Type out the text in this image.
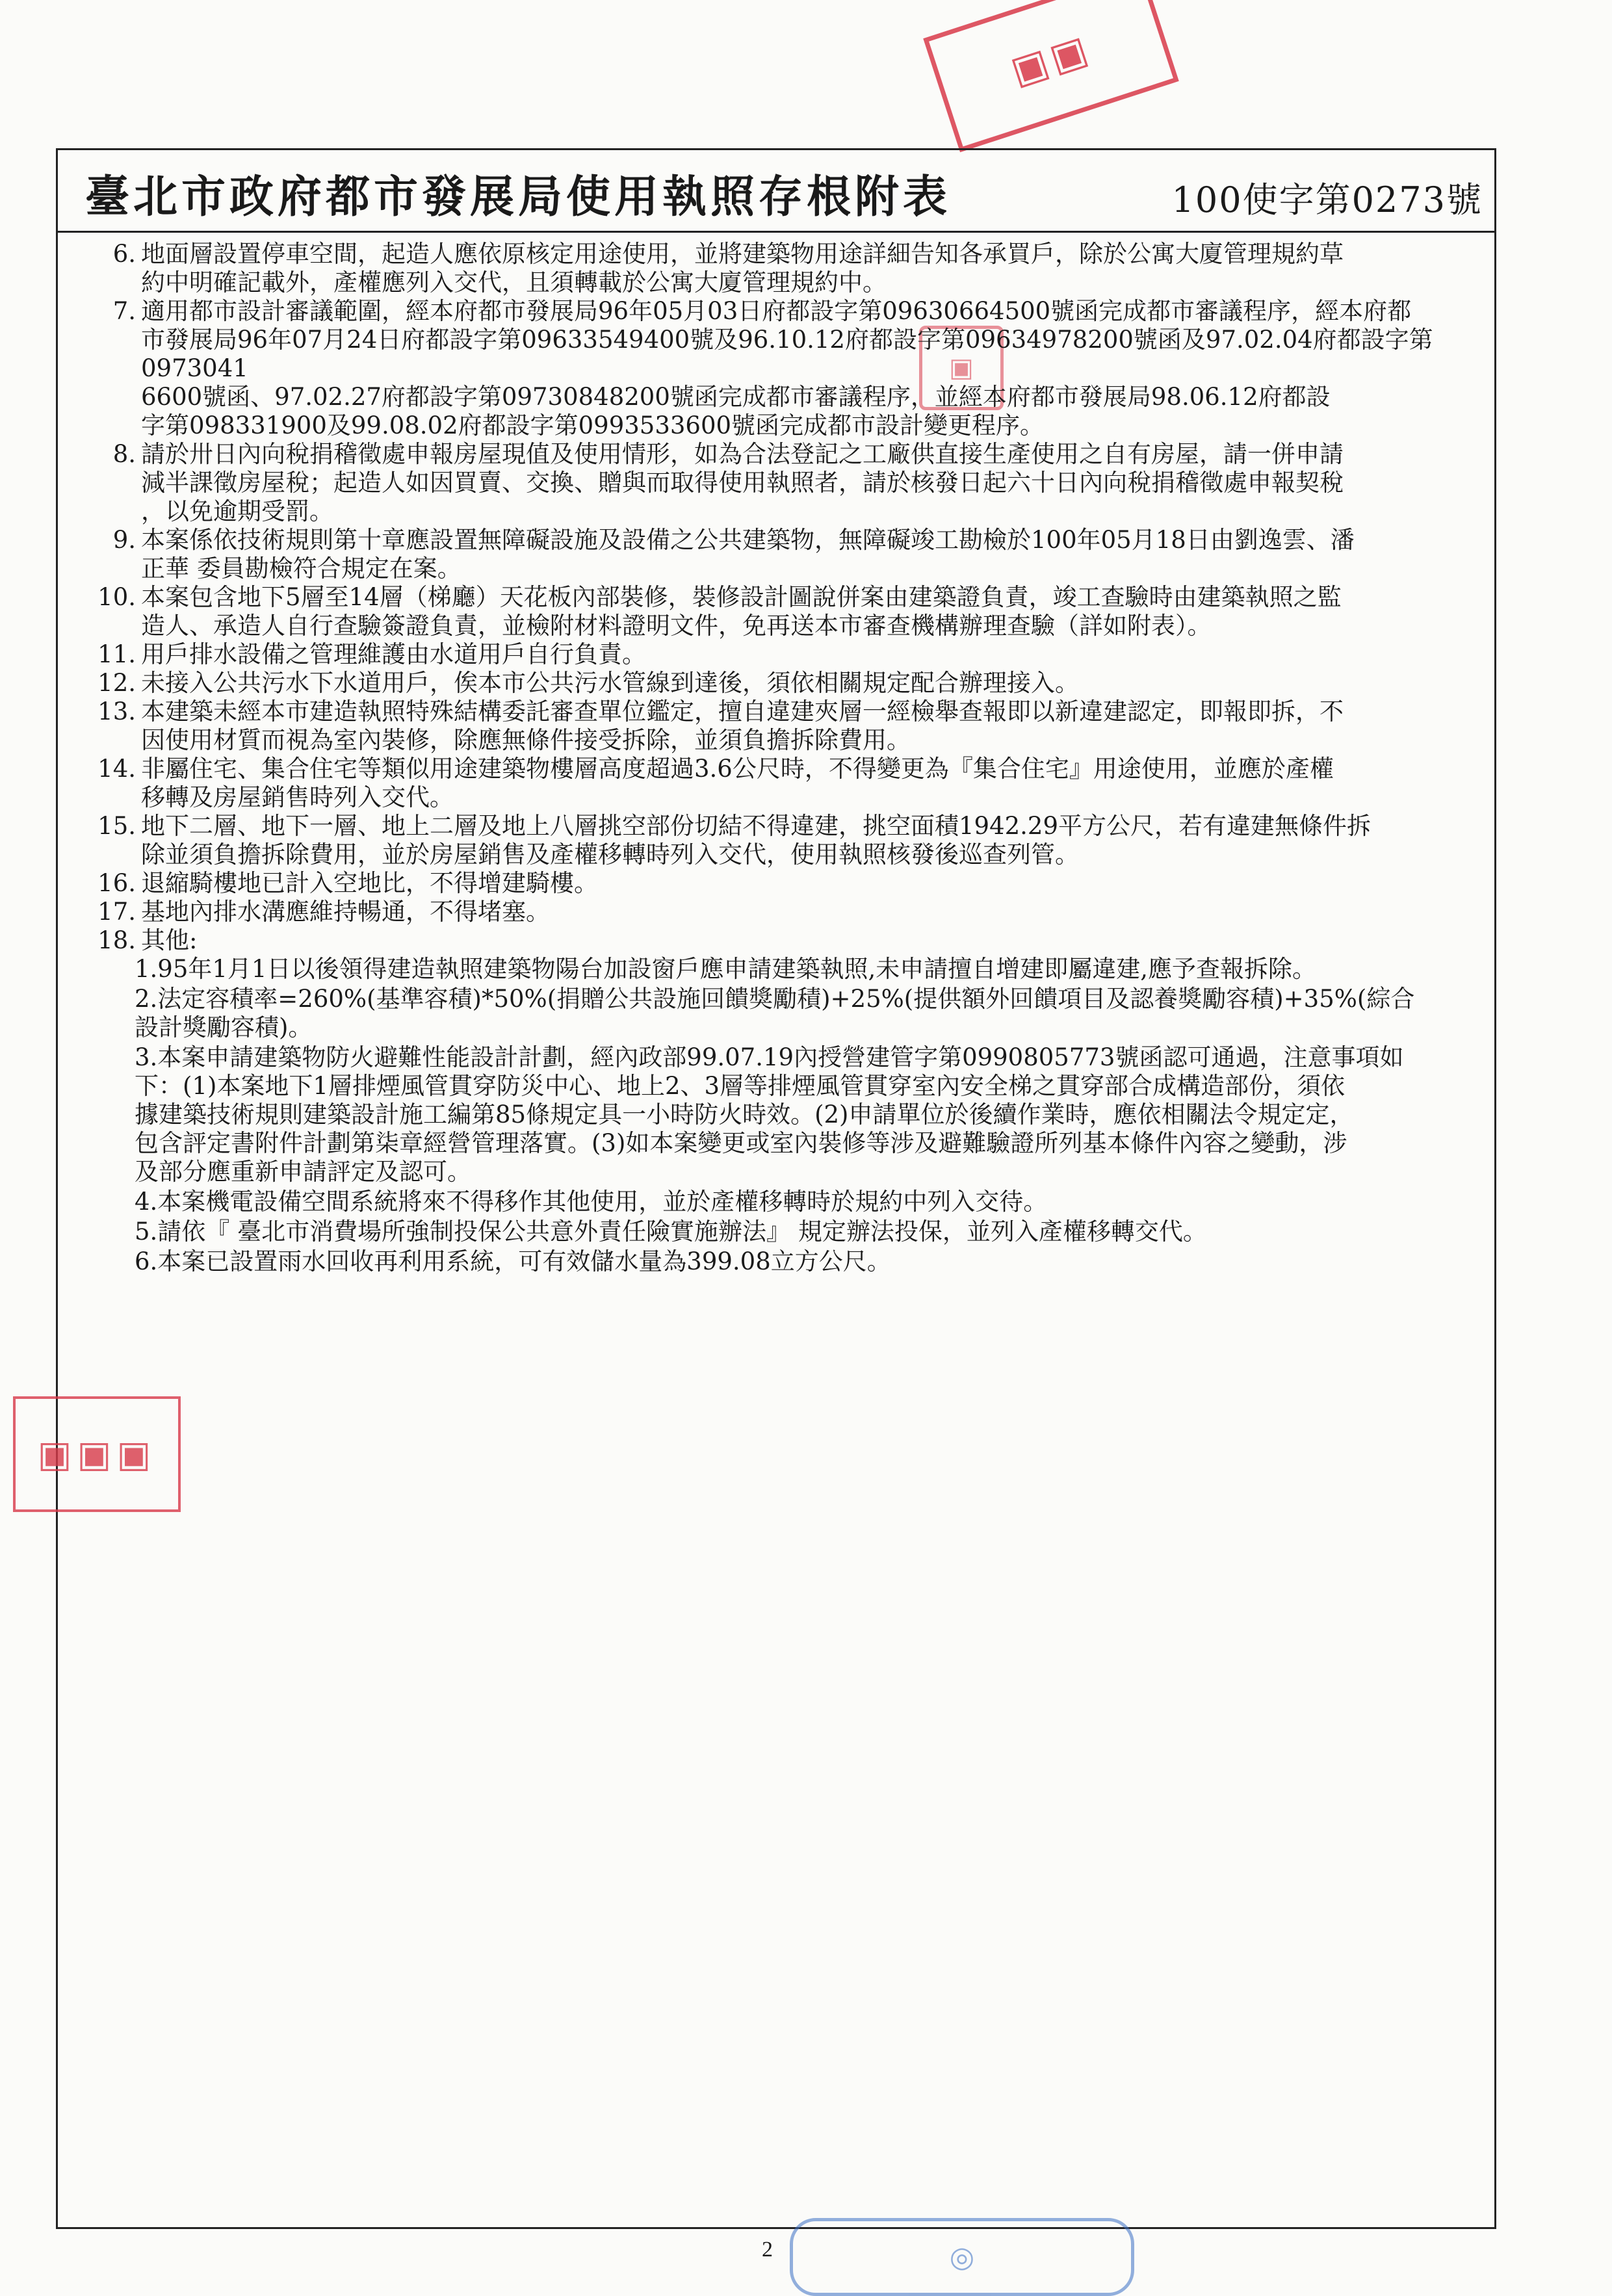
▣▣
臺北市政府都市發展局使用執照存根附表	100使字第0273號
▣
6. 地面層設置停車空間，起造人應依原核定用途使用，並將建築物用途詳細告知各承買戶，除於公寓大廈管理規約草
約中明確記載外，產權應列入交代，且須轉載於公寓大廈管理規約中。
7. 適用都市設計審議範圍，經本府都市發展局96年05月03日府都設字第09630664500號函完成都市審議程序，經本府都
市發展局96年07月24日府都設字第09633549400號及96.10.12府都設字第09634978200號函及97.02.04府都設字第0973041
6600號函、97.02.27府都設字第09730848200號函完成都市審議程序，並經本府都市發展局98.06.12府都設
字第098331900及99.08.02府都設字第0993533600號函完成都市設計變更程序。
8. 請於卅日內向稅捐稽徵處申報房屋現值及使用情形，如為合法登記之工廠供直接生產使用之自有房屋，請一併申請
減半課徵房屋稅；起造人如因買賣、交換、贈與而取得使用執照者，請於核發日起六十日內向稅捐稽徵處申報契稅
，以免逾期受罰。
9. 本案係依技術規則第十章應設置無障礙設施及設備之公共建築物，無障礙竣工勘檢於100年05月18日由劉逸雲、潘
正華 委員勘檢符合規定在案。
10. 本案包含地下5層至14層（梯廳）天花板內部裝修，裝修設計圖說併案由建築證負責，竣工查驗時由建築執照之監
造人、承造人自行查驗簽證負責，並檢附材料證明文件，免再送本市審查機構辦理查驗（詳如附表）。
11. 用戶排水設備之管理維護由水道用戶自行負責。
12. 未接入公共污水下水道用戶，俟本市公共污水管線到達後，須依相關規定配合辦理接入。
13. 本建築未經本市建造執照特殊結構委託審查單位鑑定，擅自違建夾層一經檢舉查報即以新違建認定，即報即拆，不
因使用材質而視為室內裝修，除應無條件接受拆除，並須負擔拆除費用。
14. 非屬住宅、集合住宅等類似用途建築物樓層高度超過3.6公尺時，不得變更為『集合住宅』用途使用，並應於產權
移轉及房屋銷售時列入交代。
15. 地下二層、地下一層、地上二層及地上八層挑空部份切結不得違建，挑空面積1942.29平方公尺，若有違建無條件拆
除並須負擔拆除費用，並於房屋銷售及產權移轉時列入交代，使用執照核發後巡查列管。
16. 退縮騎樓地已計入空地比，不得增建騎樓。
17. 基地內排水溝應維持暢通，不得堵塞。
18. 其他:
1.95年1月1日以後領得建造執照建築物陽台加設窗戶應申請建築執照,未申請擅自增建即屬違建,應予查報拆除。
2.法定容積率=260%(基準容積)*50%(捐贈公共設施回饋獎勵積)+25%(提供額外回饋項目及認養獎勵容積)+35%(綜合
設計獎勵容積)。
3.本案申請建築物防火避難性能設計計劃，經內政部99.07.19內授營建管字第0990805773號函認可通過，注意事項如
下：(1)本案地下1層排煙風管貫穿防災中心、地上2、3層等排煙風管貫穿室內安全梯之貫穿部合成構造部份，須依
據建築技術規則建築設計施工編第85條規定具一小時防火時效。(2)申請單位於後續作業時，應依相關法令規定定，
包含評定書附件計劃第柒章經營管理落實。(3)如本案變更或室內裝修等涉及避難驗證所列基本條件內容之變動，涉
及部分應重新申請評定及認可。
4.本案機電設備空間系統將來不得移作其他使用，並於產權移轉時於規約中列入交待。
5.請依『 臺北市消費場所強制投保公共意外責任險實施辦法』 規定辦法投保，並列入產權移轉交代。
6.本案已設置雨水回收再利用系統，可有效儲水量為399.08立方公尺。
▣▣▣
◎
2
